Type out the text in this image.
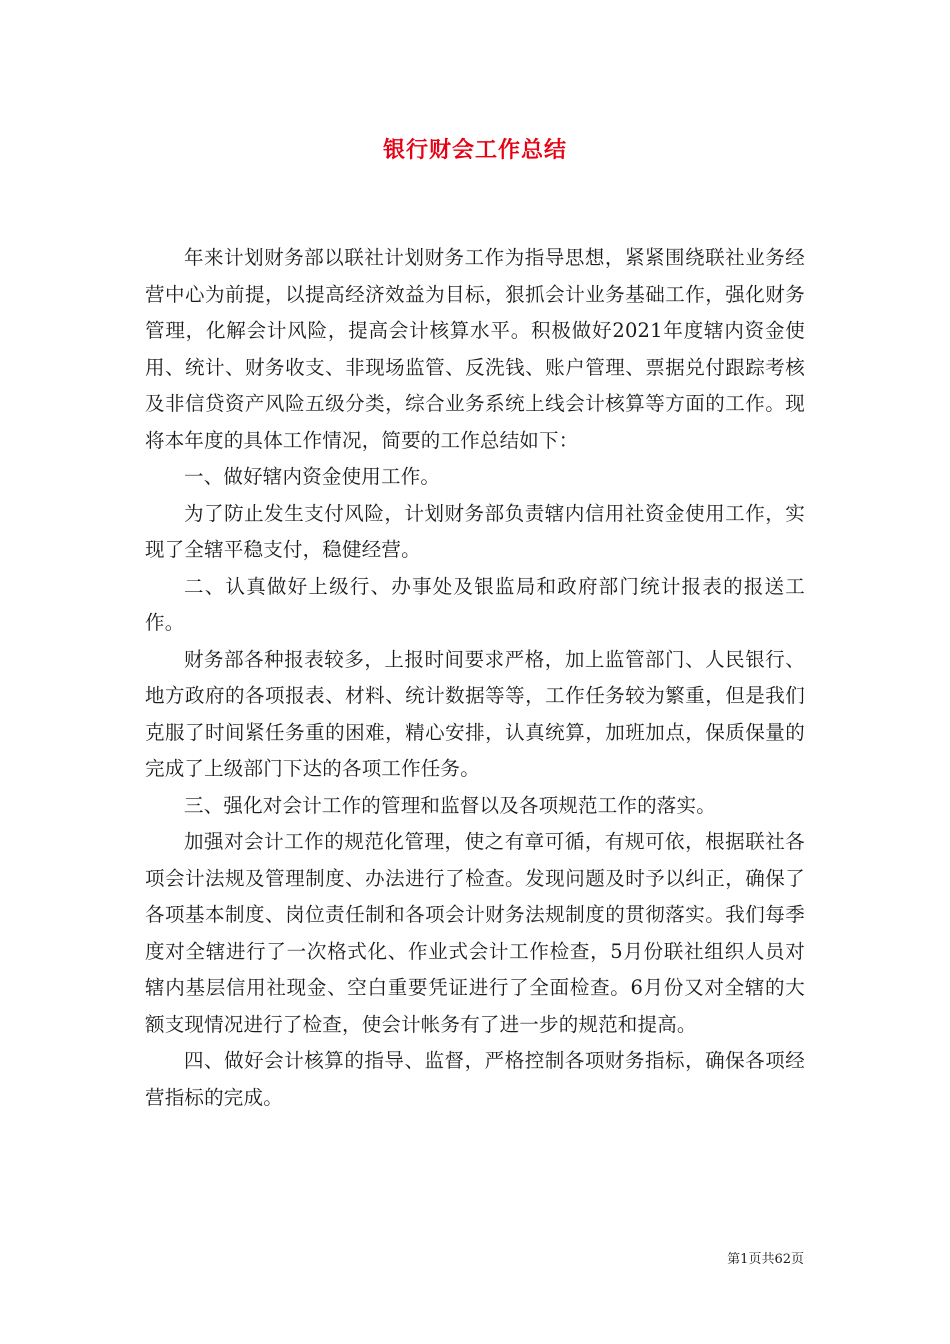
银行财会工作总结

年来计划财务部以联社计划财务工作为指导思想，紧紧围绕联社业务经营中心为前提，以提高经济效益为目标，狠抓会计业务基础工作，强化财务管理，化解会计风险，提高会计核算水平。积极做好2021年度辖内资金使用、统计、财务收支、非现场监管、反洗钱、账户管理、票据兑付跟踪考核及非信贷资产风险五级分类，综合业务系统上线会计核算等方面的工作。现将本年度的具体工作情况，简要的工作总结如下：

一、做好辖内资金使用工作。

为了防止发生支付风险，计划财务部负责辖内信用社资金使用工作，实现了全辖平稳支付，稳健经营。

二、认真做好上级行、办事处及银监局和政府部门统计报表的报送工作。

财务部各种报表较多，上报时间要求严格，加上监管部门、人民银行、地方政府的各项报表、材料、统计数据等等，工作任务较为繁重，但是我们克服了时间紧任务重的困难，精心安排，认真统算，加班加点，保质保量的完成了上级部门下达的各项工作任务。

三、强化对会计工作的管理和监督以及各项规范工作的落实。

加强对会计工作的规范化管理，使之有章可循，有规可依，根据联社各项会计法规及管理制度、办法进行了检查。发现问题及时予以纠正，确保了各项基本制度、岗位责任制和各项会计财务法规制度的贯彻落实。我们每季度对全辖进行了一次格式化、作业式会计工作检查，5月份联社组织人员对辖内基层信用社现金、空白重要凭证进行了全面检查。6月份又对全辖的大额支现情况进行了检查，使会计帐务有了进一步的规范和提高。

四、做好会计核算的指导、监督，严格控制各项财务指标，确保各项经营指标的完成。

第1页共62页
